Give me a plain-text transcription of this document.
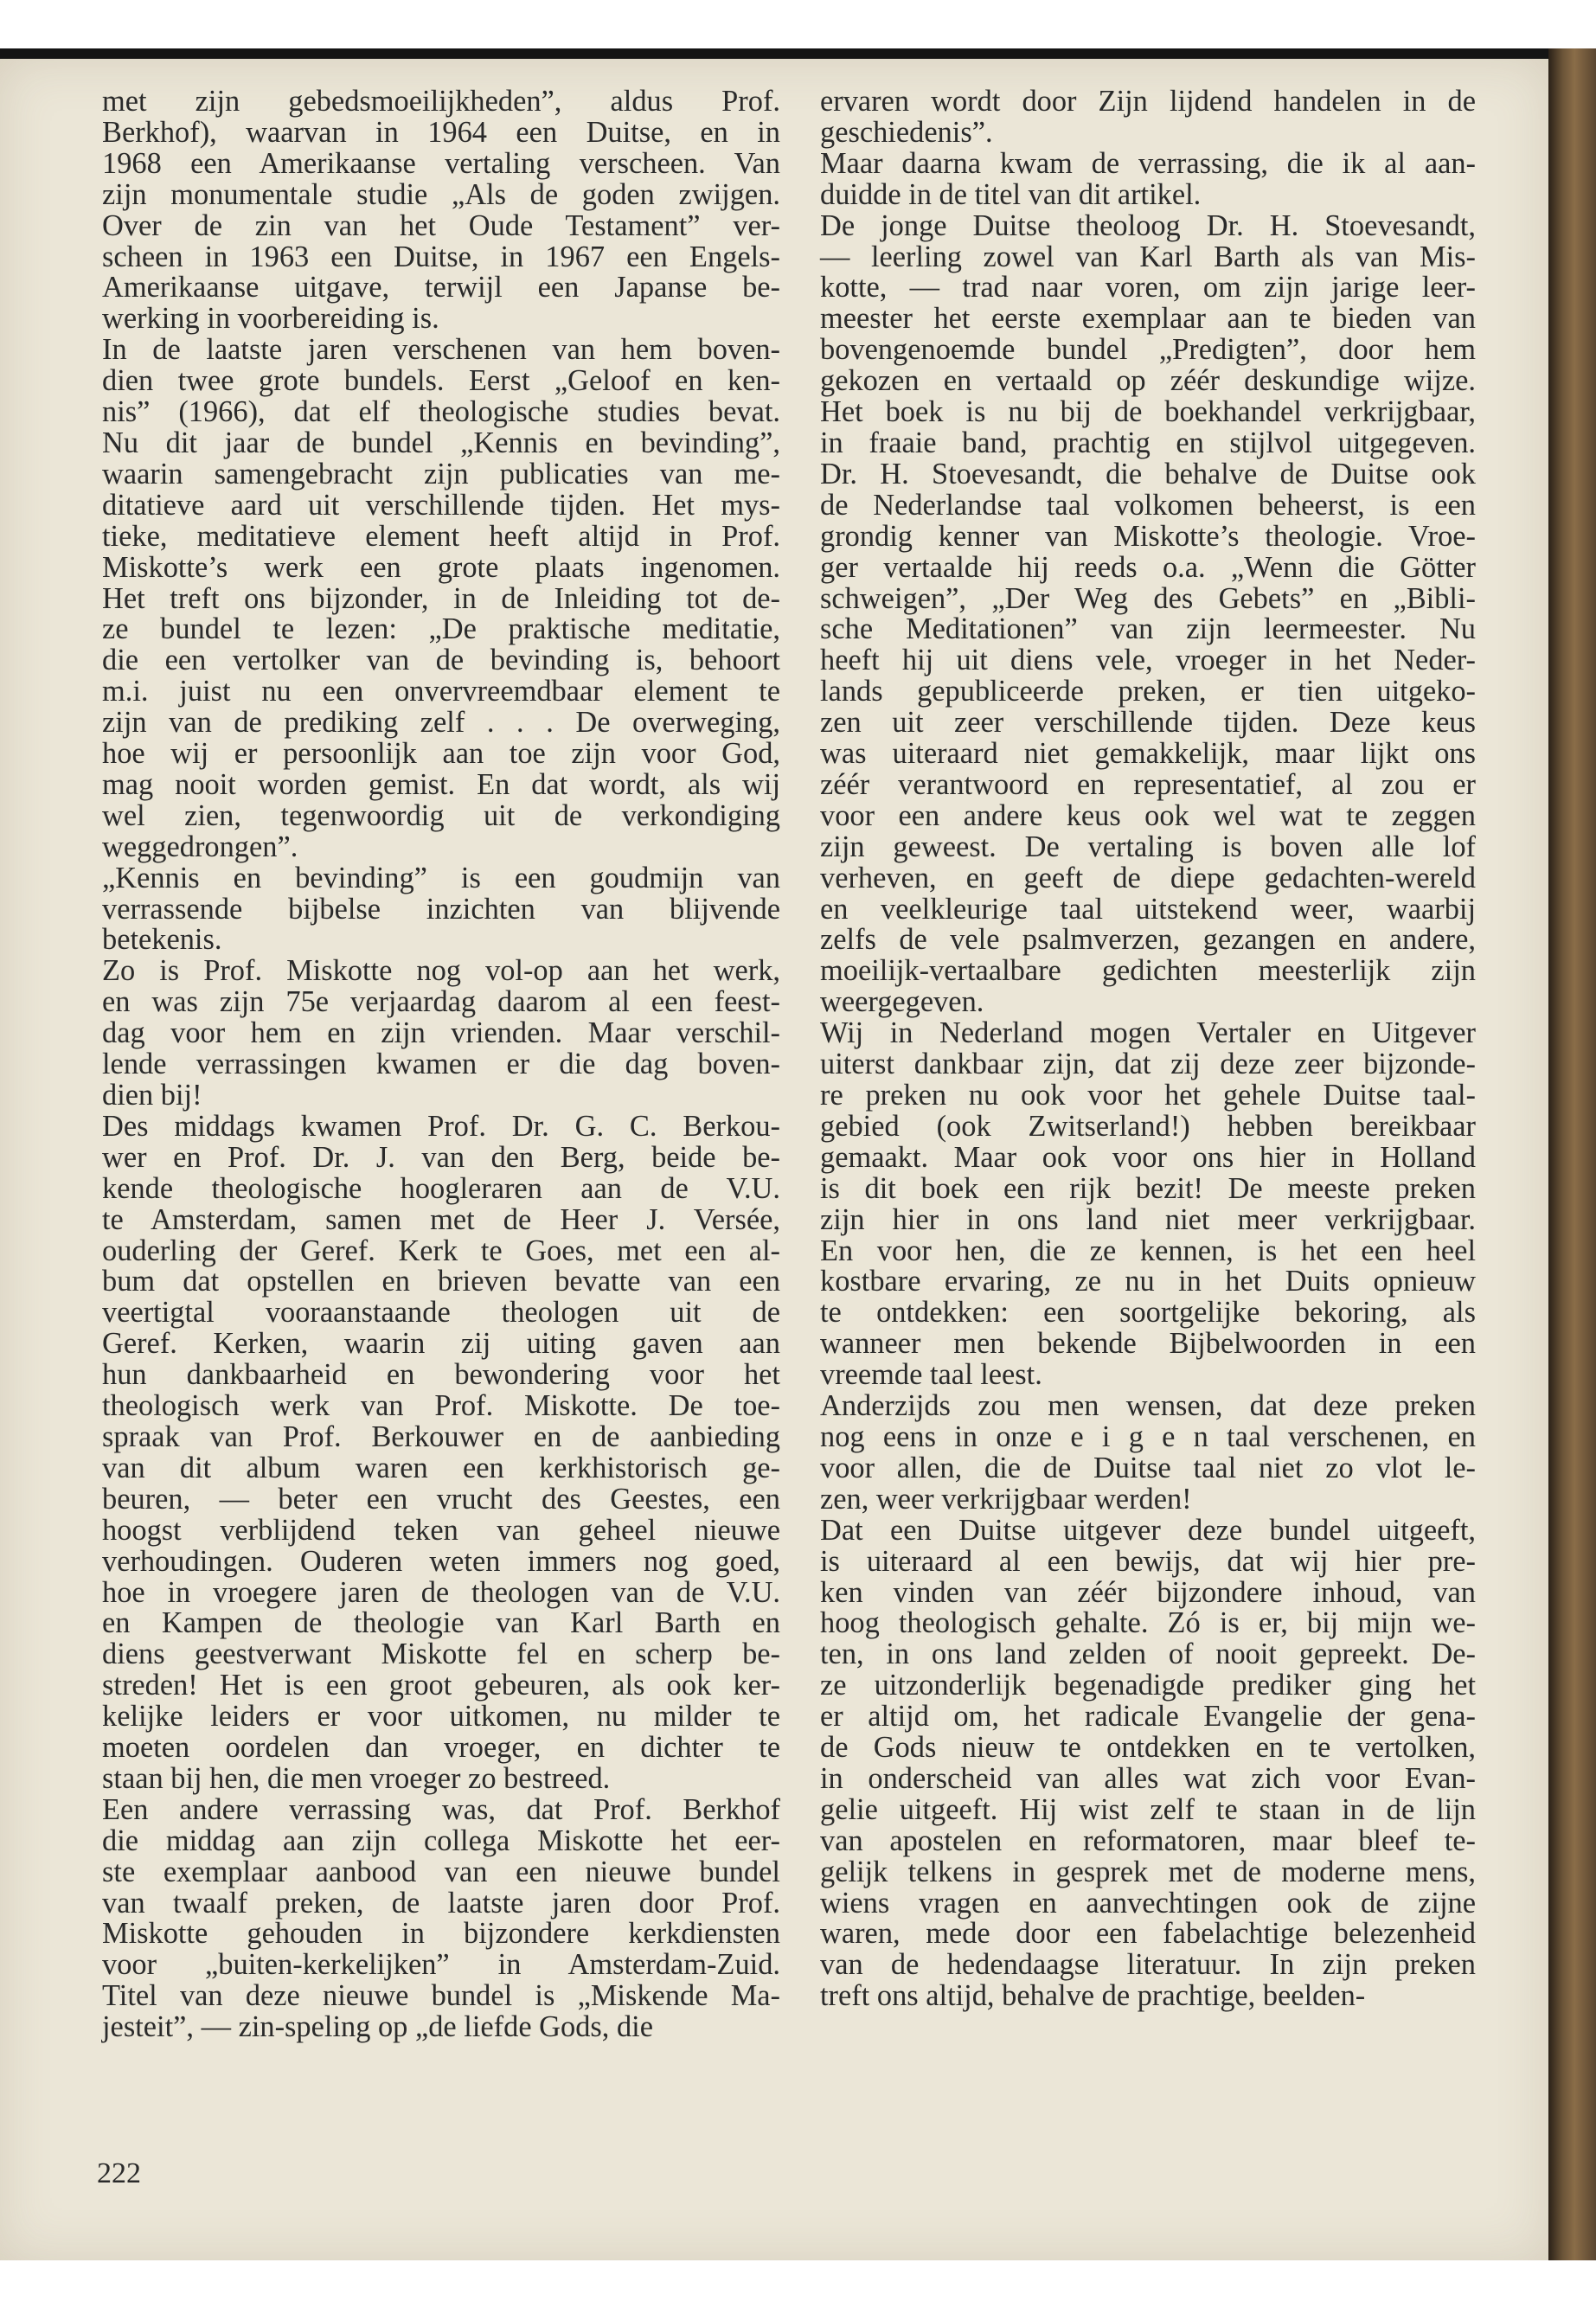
met zijn gebedsmoeilijkheden”, aldus Prof.
Berkhof), waarvan in 1964 een Duitse, en in
1968 een Amerikaanse vertaling verscheen. Van
zijn monumentale studie „Als de goden zwijgen.
Over de zin van het Oude Testament” ver-
scheen in 1963 een Duitse, in 1967 een Engels-
Amerikaanse uitgave, terwijl een Japanse be-
werking in voorbereiding is.

In de laatste jaren verschenen van hem boven-
dien twee grote bundels. Eerst „Geloof en ken-
nis” (1966), dat elf theologische studies bevat.
Nu dit jaar de bundel „Kennis en bevinding”,
waarin samengebracht zijn publicaties van me-
ditatieve aard uit verschillende tijden. Het mys-
tieke, meditatieve element heeft altijd in Prof.
Miskotte’s werk een grote plaats ingenomen.
Het treft ons bijzonder, in de Inleiding tot de-
ze bundel te lezen: „De praktische meditatie,
die een vertolker van de bevinding is, behoort
m.i. juist nu een onvervreemdbaar element te
zijn van de prediking zelf . . . De overweging,
hoe wij er persoonlijk aan toe zijn voor God,
mag nooit worden gemist. En dat wordt, als wij
wel zien, tegenwoordig uit de verkondiging
weggedrongen”.

„Kennis en bevinding” is een goudmijn van
verrassende bijbelse inzichten van blijvende
betekenis.

Zo is Prof. Miskotte nog vol-op aan het werk,
en was zijn 75e verjaardag daarom al een feest-
dag voor hem en zijn vrienden. Maar verschil-
lende verrassingen kwamen er die dag boven-
dien bij!

Des middags kwamen Prof. Dr. G. C. Berkou-
wer en Prof. Dr. J. van den Berg, beide be-
kende theologische hoogleraren aan de V.U.
te Amsterdam, samen met de Heer J. Versée,
ouderling der Geref. Kerk te Goes, met een al-
bum dat opstellen en brieven bevatte van een
veertigtal vooraanstaande theologen uit de
Geref. Kerken, waarin zij uiting gaven aan
hun dankbaarheid en bewondering voor het
theologisch werk van Prof. Miskotte. De toe-
spraak van Prof. Berkouwer en de aanbieding
van dit album waren een kerkhistorisch ge-
beuren, — beter een vrucht des Geestes, een
hoogst verblijdend teken van geheel nieuwe
verhoudingen. Ouderen weten immers nog goed,
hoe in vroegere jaren de theologen van de V.U.
en Kampen de theologie van Karl Barth en
diens geestverwant Miskotte fel en scherp be-
streden! Het is een groot gebeuren, als ook ker-
kelijke leiders er voor uitkomen, nu milder te
moeten oordelen dan vroeger, en dichter te
staan bij hen, die men vroeger zo bestreed.

Een andere verrassing was, dat Prof. Berkhof
die middag aan zijn collega Miskotte het eer-
ste exemplaar aanbood van een nieuwe bundel
van twaalf preken, de laatste jaren door Prof.
Miskotte gehouden in bijzondere kerkdiensten
voor „buiten-kerkelijken” in Amsterdam-Zuid.
Titel van deze nieuwe bundel is „Miskende Ma-
jesteit”, — zin-speling op „de liefde Gods, die

ervaren wordt door Zijn lijdend handelen in de
geschiedenis”.

Maar daarna kwam de verrassing, die ik al aan-
duidde in de titel van dit artikel.

De jonge Duitse theoloog Dr. H. Stoevesandt,
— leerling zowel van Karl Barth als van Mis-
kotte, — trad naar voren, om zijn jarige leer-
meester het eerste exemplaar aan te bieden van
bovengenoemde bundel „Predigten”, door hem
gekozen en vertaald op zéér deskundige wijze.
Het boek is nu bij de boekhandel verkrijgbaar,
in fraaie band, prachtig en stijlvol uitgegeven.
Dr. H. Stoevesandt, die behalve de Duitse ook
de Nederlandse taal volkomen beheerst, is een
grondig kenner van Miskotte’s theologie. Vroe-
ger vertaalde hij reeds o.a. „Wenn die Götter
schweigen”, „Der Weg des Gebets” en „Bibli-
sche Meditationen” van zijn leermeester. Nu
heeft hij uit diens vele, vroeger in het Neder-
lands gepubliceerde preken, er tien uitgeko-
zen uit zeer verschillende tijden. Deze keus
was uiteraard niet gemakkelijk, maar lijkt ons
zéér verantwoord en representatief, al zou er
voor een andere keus ook wel wat te zeggen
zijn geweest. De vertaling is boven alle lof
verheven, en geeft de diepe gedachten-wereld
en veelkleurige taal uitstekend weer, waarbij
zelfs de vele psalmverzen, gezangen en andere,
moeilijk-vertaalbare gedichten meesterlijk zijn
weergegeven.

Wij in Nederland mogen Vertaler en Uitgever
uiterst dankbaar zijn, dat zij deze zeer bijzonde-
re preken nu ook voor het gehele Duitse taal-
gebied (ook Zwitserland!) hebben bereikbaar
gemaakt. Maar ook voor ons hier in Holland
is dit boek een rijk bezit! De meeste preken
zijn hier in ons land niet meer verkrijgbaar.
En voor hen, die ze kennen, is het een heel
kostbare ervaring, ze nu in het Duits opnieuw
te ontdekken: een soortgelijke bekoring, als
wanneer men bekende Bijbelwoorden in een
vreemde taal leest.

Anderzijds zou men wensen, dat deze preken
nog eens in onze e i g e n taal verschenen, en
voor allen, die de Duitse taal niet zo vlot le-
zen, weer verkrijgbaar werden!

Dat een Duitse uitgever deze bundel uitgeeft,
is uiteraard al een bewijs, dat wij hier pre-
ken vinden van zéér bijzondere inhoud, van
hoog theologisch gehalte. Zó is er, bij mijn we-
ten, in ons land zelden of nooit gepreekt. De-
ze uitzonderlijk begenadigde prediker ging het
er altijd om, het radicale Evangelie der gena-
de Gods nieuw te ontdekken en te vertolken,
in onderscheid van alles wat zich voor Evan-
gelie uitgeeft. Hij wist zelf te staan in de lijn
van apostelen en reformatoren, maar bleef te-
gelijk telkens in gesprek met de moderne mens,
wiens vragen en aanvechtingen ook de zijne
waren, mede door een fabelachtige belezenheid
van de hedendaagse literatuur. In zijn preken
treft ons altijd, behalve de prachtige, beelden-

222
